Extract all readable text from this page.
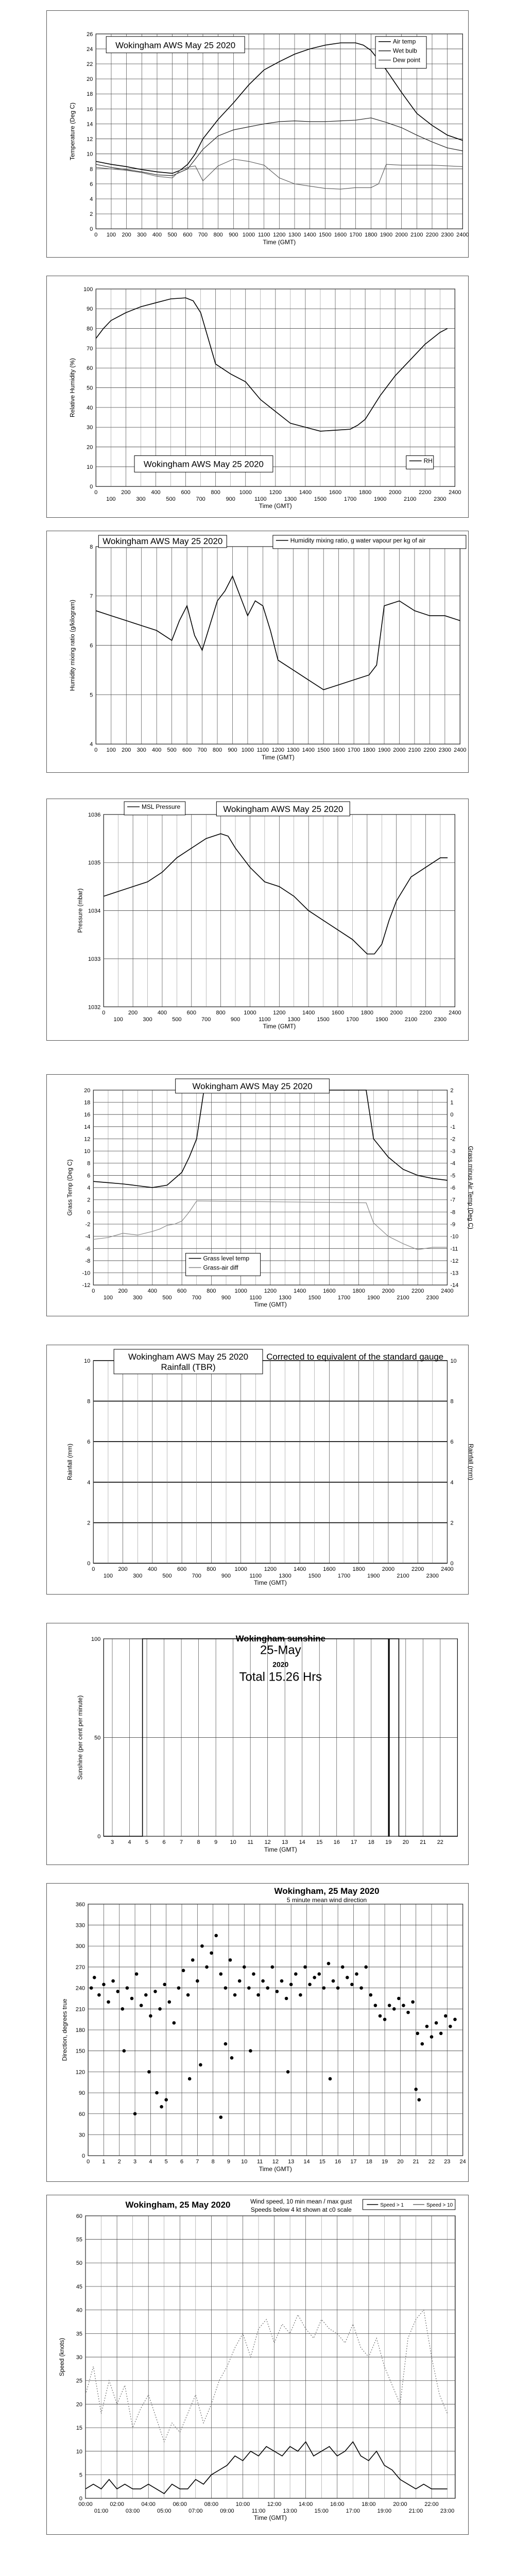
0
2
4
6
8
10
12
14
16
18
20
22
24
26
0 100 200 300 400 500 600 700 800 900 1000 1100 1200 1300 1400 1500 1600 1700 1800 1900 2000 2100 2200 2300 2400
Time (GMT)
Temperature (Deg C)
Wokingham AWS May 25 2020	Air temp
Wet bulb
Dew point
0
10
20
30
40
50
60
70
80
90
100
0	200	400	600	800	1000	1200	1400	1600	1800	2000	2200	2400
100	300	500	700	900	1100	1300	1500	1700	1900	2100	2300
Time (GMT)
Relative Humidity (%)
Wokingham AWS May 25 2020	RH
4
5
6
7
8
0 100 200 300 400 500 600 700 800 900 1000 1100 1200 1300 1400 1500 1600 1700 1800 1900 2000 2100 2200 2300 2400
Time (GMT)
Humidity mixing ratio (g/kilogram)
Wokingham AWS May 25 2020	Humidity mixing ratio, g water vapour per kg of air
1032
1033
1034
1035
1036
0	200	400	600	800	1000	1200	1400	1600	1800	2000	2200	2400
100	300	500	700	900	1100	1300	1500	1700	1900	2100	2300
Time (GMT)
Pressure (mbar)
MSL Pressure	Wokingham AWS May 25 2020
-12
-10
-8
-6
-4
-2
0
2
4
6
8
10
12
14
16
18
20
-14
-13
-12
-11
-10
-9
-8
-7
-6
-5
-4
-3
-2
-1
0
1
2
0	200	400	600	800	1000	1200	1400	1600	1800	2000	2200	2400
100	300	500	700	900	1100	1300	1500	1700	1900	2100	2300
Time (GMT)
Grass Temp (Deg C)	Grass minus Air Temp (Deg C)
Wokingham AWS May 25 2020
Grass level temp
Grass-air diff
0
2
4
6
8
10
0
2
4
6
8
10
0	200	400	600	800	1000	1200	1400	1600	1800	2000	2200	2400
100	300	500	700	900	1100	1300	1500	1700	1900	2100	2300
Time (GMT)
Rainfall (mm)	Rainfall (mm)
Wokingham AWS May 25 2020
Rainfall (TBR)
Corrected to equivalent of the standard gauge
0
50
100
3 4 5 6 7 8 9 10 11 12 13 14 15 16 17 18 19 20 21 22
Time (GMT)
Sunshine (per cent per minute)
Wokingham sunshine
25-May
2020
Total 15.26 Hrs
0
30
60
90
120
150
180
210
240
270
300
330
360
0 1 2 3 4 5 6 7 8 9 10 11 12 13 14 15 16 17 18 19 20 21 22 23 24
Time (GMT)
Direction, degrees true
Wokingham, 25 May 2020
5 minute mean wind direction
0
5
10
15
20
25
30
35
40
45
50
55
60
00:00	02:00	04:00	06:00	08:00	10:00	12:00	14:00	16:00	18:00	20:00	22:00
01:00	03:00	05:00	07:00	09:00	11:00	13:00	15:00	17:00	19:00	21:00	23:00
Time (GMT)
Speed (knots)
Wokingham, 25 May 2020	Wind speed, 10 min mean / max gust
Speeds below 4 kt shown at c0 scale
Speed > 1	Speed > 10
